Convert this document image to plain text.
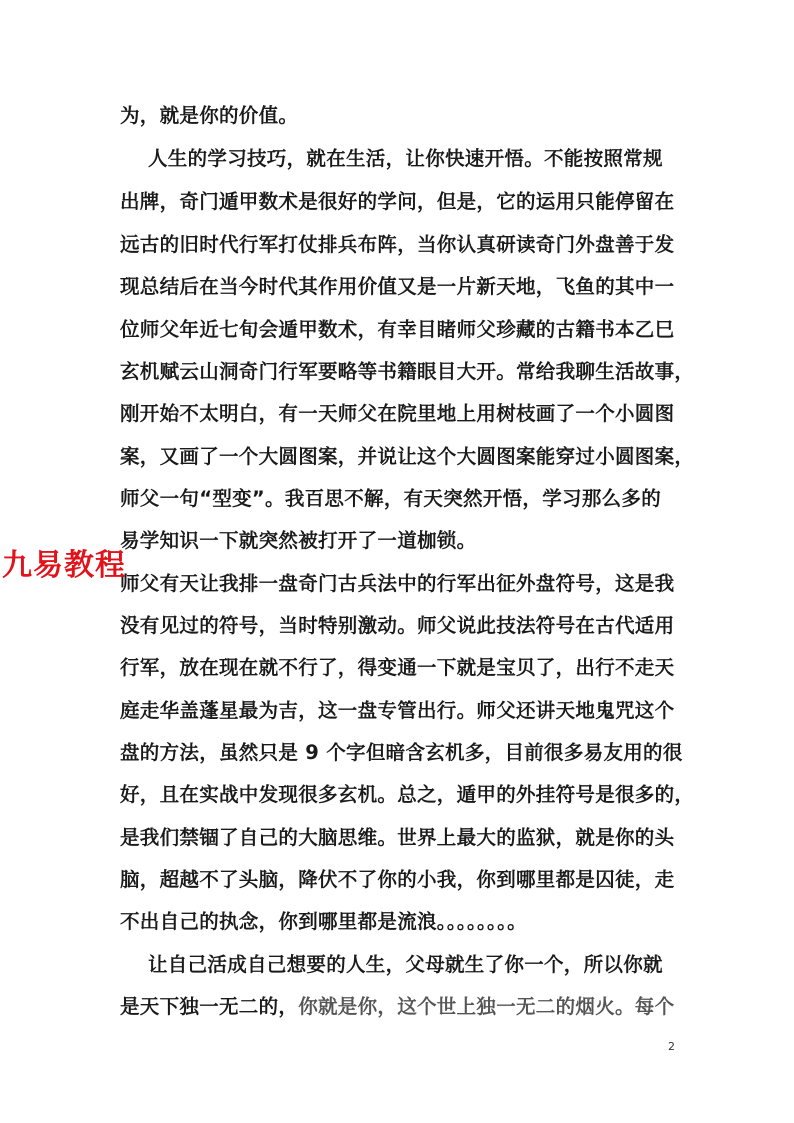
为，就是你的价值。
人生的学习技巧，就在生活，让你快速开悟。不能按照常规
出牌，奇门遁甲数术是很好的学问，但是，它的运用只能停留在
远古的旧时代行军打仗排兵布阵，当你认真研读奇门外盘善于发
现总结后在当今时代其作用价值又是一片新天地，飞鱼的其中一
位师父年近七旬会遁甲数术，有幸目睹师父珍藏的古籍书本乙巳
玄机赋云山洞奇门行军要略等书籍眼目大开。常给我聊生活故事，
刚开始不太明白，有一天师父在院里地上用树枝画了一个小圆图
案，又画了一个大圆图案，并说让这个大圆图案能穿过小圆图案，
师父一句“型变”。我百思不解，有天突然开悟，学习那么多的
易学知识一下就突然被打开了一道枷锁。
师父有天让我排一盘奇门古兵法中的行军出征外盘符号，这是我
没有见过的符号，当时特别激动。师父说此技法符号在古代适用
行军，放在现在就不行了，得变通一下就是宝贝了，出行不走天
庭走华盖蓬星最为吉，这一盘专管出行。师父还讲天地鬼咒这个
盘的方法，虽然只是 9 个字但暗含玄机多，目前很多易友用的很
好，且在实战中发现很多玄机。总之，遁甲的外挂符号是很多的，
是我们禁锢了自己的大脑思维。世界上最大的监狱，就是你的头
脑，超越不了头脑，降伏不了你的小我，你到哪里都是囚徒，走
不出自己的执念，你到哪里都是流浪。。。。。。。。
让自己活成自己想要的人生，父母就生了你一个，所以你就
是天下独一无二的，你就是你，这个世上独一无二的烟火。每个
九易教程
2
